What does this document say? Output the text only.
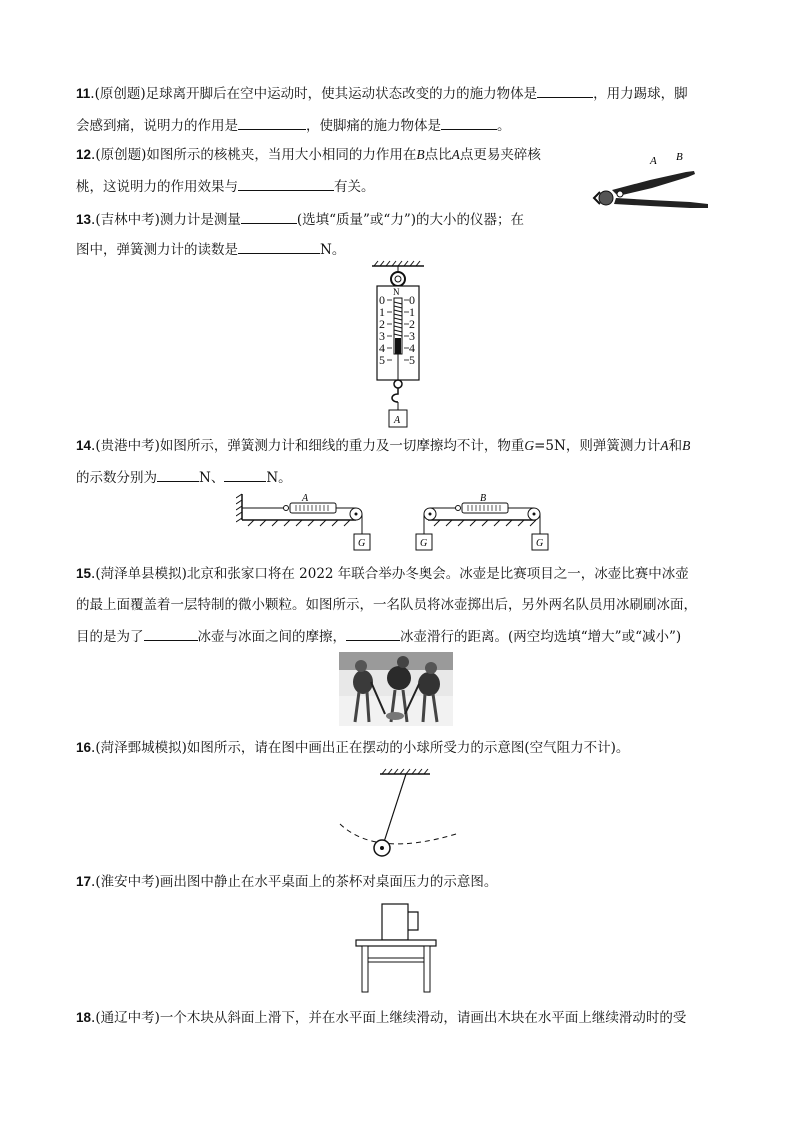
11.(原创题)足球离开脚后在空中运动时，使其运动状态改变的力的施力物体是	，用力踢球，脚
会感到痛，说明力的作用是	，使脚痛的施力物体是	。
12.(原创题)如图所示的核桃夹，当用大小相同的力作用在B点比A点更易夹碎核
桃，这说明力的作用效果与	有关。
A B
13.(吉林中考)测力计是测量	(选填“质量”或“力”)的大小的仪器；在
图中，弹簧测力计的读数是	N。
N
0 0
1 1
2 2
3 3
4 4
5 5
A
14.(贵港中考)如图所示，弹簧测力计和细线的重力及一切摩擦均不计，物重G=5N，则弹簧测力计A和B
的示数分别为	N、	N。
A
G	G
B
G
15.(菏泽单县模拟)北京和张家口将在 2022 年联合举办冬奥会。冰壶是比赛项目之一，冰壶比赛中冰壶
的最上面覆盖着一层特制的微小颗粒。如图所示，一名队员将冰壶掷出后，另外两名队员用冰刷刷冰面，
目的是为了	冰壶与冰面之间的摩擦，	冰壶滑行的距离。(两空均选填“增大”或“减小”)
16.(菏泽鄄城模拟)如图所示，请在图中画出正在摆动的小球所受力的示意图(空气阻力不计)。
17.(淮安中考)画出图中静止在水平桌面上的茶杯对桌面压力的示意图。
18.(通辽中考)一个木块从斜面上滑下，并在水平面上继续滑动，请画出木块在水平面上继续滑动时的受
